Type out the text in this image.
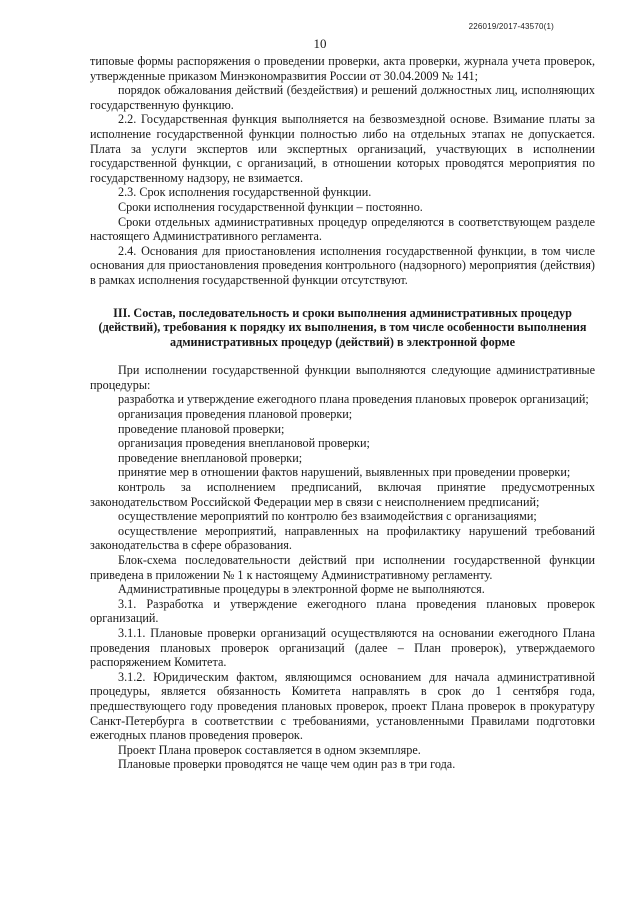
226019/2017-43570(1)
10

типовые формы распоряжения о проведении проверки, акта проверки, журнала учета проверок, утвержденные приказом Минэкономразвития России от 30.04.2009 № 141;

порядок обжалования действий (бездействия) и решений должностных лиц, исполняющих государственную функцию.

2.2. Государственная функция выполняется на безвозмездной основе. Взимание платы за исполнение государственной функции полностью либо на отдельных этапах не допускается. Плата за услуги экспертов или экспертных организаций, участвующих в исполнении государственной функции, с организаций, в отношении которых проводятся мероприятия по государственному надзору, не взимается.

2.3. Срок исполнения государственной функции.

Сроки исполнения государственной функции – постоянно.

Сроки отдельных административных процедур определяются в соответствующем разделе настоящего Административного регламента.

2.4. Основания для приостановления исполнения государственной функции, в том числе основания для приостановления проведения контрольного (надзорного) мероприятия (действия) в рамках исполнения государственной функции отсутствуют.

III. Состав, последовательность и сроки выполнения административных процедур (действий), требования к порядку их выполнения, в том числе особенности выполнения административных процедур (действий) в электронной форме

При исполнении государственной функции выполняются следующие административные процедуры:

разработка и утверждение ежегодного плана проведения плановых проверок организаций;

организация проведения плановой проверки;

проведение плановой проверки;

организация проведения внеплановой проверки;

проведение внеплановой проверки;

принятие мер в отношении фактов нарушений, выявленных при проведении проверки;

контроль за исполнением предписаний, включая принятие предусмотренных законодательством Российской Федерации мер в связи с неисполнением предписаний;

осуществление мероприятий по контролю без взаимодействия с организациями;

осуществление мероприятий, направленных на профилактику нарушений требований законодательства в сфере образования.

Блок-схема последовательности действий при исполнении государственной функции приведена в приложении № 1 к настоящему Административному регламенту.

Административные процедуры в электронной форме не выполняются.

3.1. Разработка и утверждение ежегодного плана проведения плановых проверок организаций.

3.1.1. Плановые проверки организаций осуществляются на основании ежегодного Плана проведения плановых проверок организаций (далее – План проверок), утверждаемого распоряжением Комитета.

3.1.2. Юридическим фактом, являющимся основанием для начала административной процедуры, является обязанность Комитета направлять в срок до 1 сентября года, предшествующего году проведения плановых проверок, проект Плана проверок в прокуратуру Санкт-Петербурга в соответствии с требованиями, установленными Правилами подготовки ежегодных планов проведения проверок.

Проект Плана проверок составляется в одном экземпляре.

Плановые проверки проводятся не чаще чем один раз в три года.
